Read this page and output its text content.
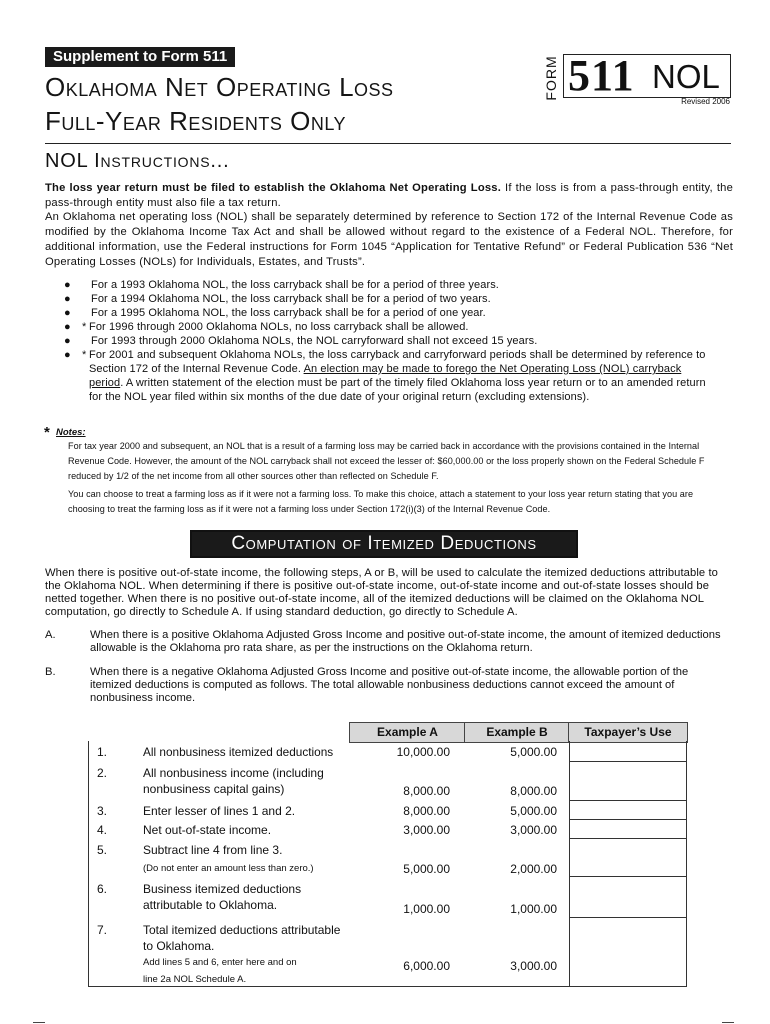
Supplement to Form 511
Oklahoma Net Operating Loss
Full-Year Residents Only
FORM 511 NOL
Revised 2006
NOL Instructions...
The loss year return must be filed to establish the Oklahoma Net Operating Loss. If the loss is from a pass-through entity, the pass-through entity must also file a tax return.
An Oklahoma net operating loss (NOL) shall be separately determined by reference to Section 172 of the Internal Revenue Code as modified by the Oklahoma Income Tax Act and shall be allowed without regard to the existence of a Federal NOL. Therefore, for additional information, use the Federal instructions for Form 1045 “Application for Tentative Refund” or Federal Publication 536 “Net Operating Losses (NOLs) for Individuals, Estates, and Trusts”.
● For a 1993 Oklahoma NOL, the loss carryback shall be for a period of three years.
● For a 1994 Oklahoma NOL, the loss carryback shall be for a period of two years.
● For a 1995 Oklahoma NOL, the loss carryback shall be for a period of one year.
● * For 1996 through 2000 Oklahoma NOLs, no loss carryback shall be allowed.
● For 1993 through 2000 Oklahoma NOLs, the NOL carryforward shall not exceed 15 years.
● * For 2001 and subsequent Oklahoma NOLs, the loss carryback and carryforward periods shall be determined by reference to Section 172 of the Internal Revenue Code. An election may be made to forego the Net Operating Loss (NOL) carryback period. A written statement of the election must be part of the timely filed Oklahoma loss year return or to an amended return for the NOL year filed within six months of the due date of your original return (excluding extensions).
* Notes:
For tax year 2000 and subsequent, an NOL that is a result of a farming loss may be carried back in accordance with the provisions contained in the Internal Revenue Code. However, the amount of the NOL carryback shall not exceed the lesser of: $60,000.00 or the loss properly shown on the Federal Schedule F reduced by 1/2 of the net income from all other sources other than reflected on Schedule F.
You can choose to treat a farming loss as if it were not a farming loss. To make this choice, attach a statement to your loss year return stating that you are choosing to treat the farming loss as if it were not a farming loss under Section 172(i)(3) of the Internal Revenue Code.
Computation of Itemized Deductions
When there is positive out-of-state income, the following steps, A or B, will be used to calculate the itemized deductions attributable to the Oklahoma NOL. When determining if there is positive out-of-state income, out-of-state income and out-of-state losses should be netted together. When there is no positive out-of-state income, all of the itemized deductions will be claimed on the Oklahoma NOL computation, go directly to Schedule A. If using standard deduction, go directly to Schedule A.
A.	When there is a positive Oklahoma Adjusted Gross Income and positive out-of-state income, the amount of itemized deductions allowable is the Oklahoma pro rata share, as per the instructions on the Oklahoma return.
B.	When there is a negative Oklahoma Adjusted Gross Income and positive out-of-state income, the allowable portion of the itemized deductions is computed as follows. The total allowable nonbusiness deductions cannot exceed the amount of nonbusiness income.
Example A	Example B	Taxpayer’s Use
1.	All nonbusiness itemized deductions	10,000.00	5,000.00
2.	All nonbusiness income (including nonbusiness capital gains)	8,000.00	8,000.00
3.	Enter lesser of lines 1 and 2.	8,000.00	5,000.00
4.	Net out-of-state income.	3,000.00	3,000.00
5.	Subtract line 4 from line 3.
(Do not enter an amount less than zero.)	5,000.00	2,000.00
6.	Business itemized deductions attributable to Oklahoma.	1,000.00	1,000.00
7.	Total itemized deductions attributable to Oklahoma.
Add lines 5 and 6, enter here and on line 2a NOL Schedule A.
6,000.00	3,000.00
